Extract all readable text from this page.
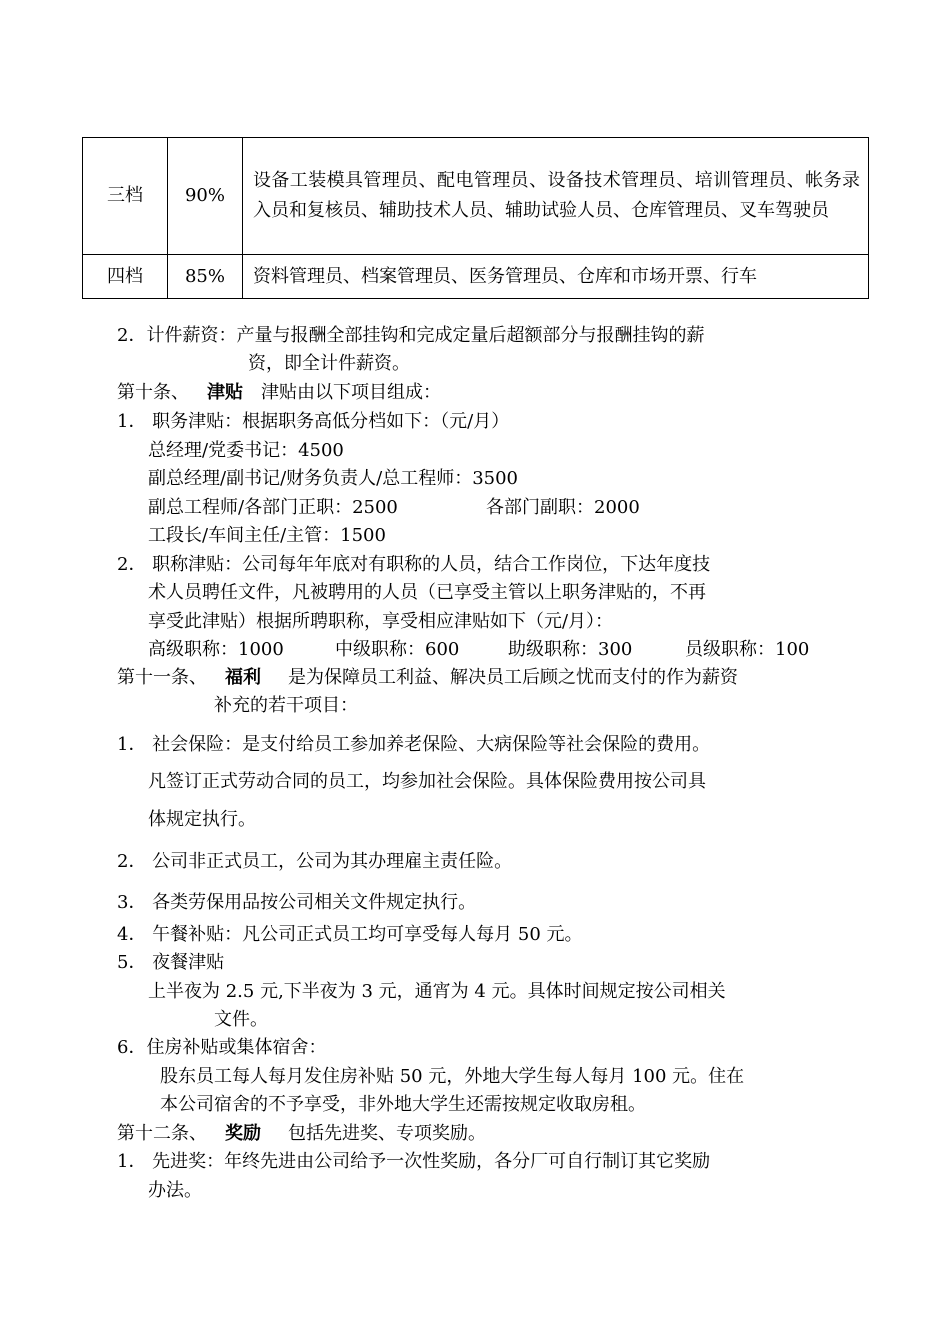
三档	90%	设备工装模具管理员、配电管理员、设备技术管理员、培训管理员、帐务录入员和复核员、辅助技术人员、辅助试验人员、仓库管理员、叉车驾驶员
四档	85%	资料管理员、档案管理员、医务管理员、仓库和市场开票、行车
2．计件薪资：产量与报酬全部挂钩和完成定量后超额部分与报酬挂钩的薪
资，即全计件薪资。
第十条、 津贴 津贴由以下项目组成：
1． 职务津贴：根据职务高低分档如下：（元/月）
总经理/党委书记：4500
副总经理/副书记/财务负责人/总工程师：3500
副总工程师/各部门正职：2500	各部门副职：2000
工段长/车间主任/主管：1500
2． 职称津贴：公司每年年底对有职称的人员，结合工作岗位，下达年度技
术人员聘任文件，凡被聘用的人员（已享受主管以上职务津贴的，不再
享受此津贴）根据所聘职称，享受相应津贴如下（元/月）：
高级职称：1000	中级职称：600	助级职称：300	员级职称：100
第十一条、 福利 是为保障员工利益、解决员工后顾之忧而支付的作为薪资
补充的若干项目：
1． 社会保险：是支付给员工参加养老保险、大病保险等社会保险的费用。
凡签订正式劳动合同的员工，均参加社会保险。具体保险费用按公司具
体规定执行。
2． 公司非正式员工，公司为其办理雇主责任险。
3． 各类劳保用品按公司相关文件规定执行。
4． 午餐补贴：凡公司正式员工均可享受每人每月 50 元。
5． 夜餐津贴
上半夜为 2.5 元,下半夜为 3 元，通宵为 4 元。具体时间规定按公司相关
文件。
6．住房补贴或集体宿舍：
股东员工每人每月发住房补贴 50 元，外地大学生每人每月 100 元。住在
本公司宿舍的不予享受，非外地大学生还需按规定收取房租。
第十二条、 奖励 包括先进奖、专项奖励。
1． 先进奖：年终先进由公司给予一次性奖励，各分厂可自行制订其它奖励
办法。
